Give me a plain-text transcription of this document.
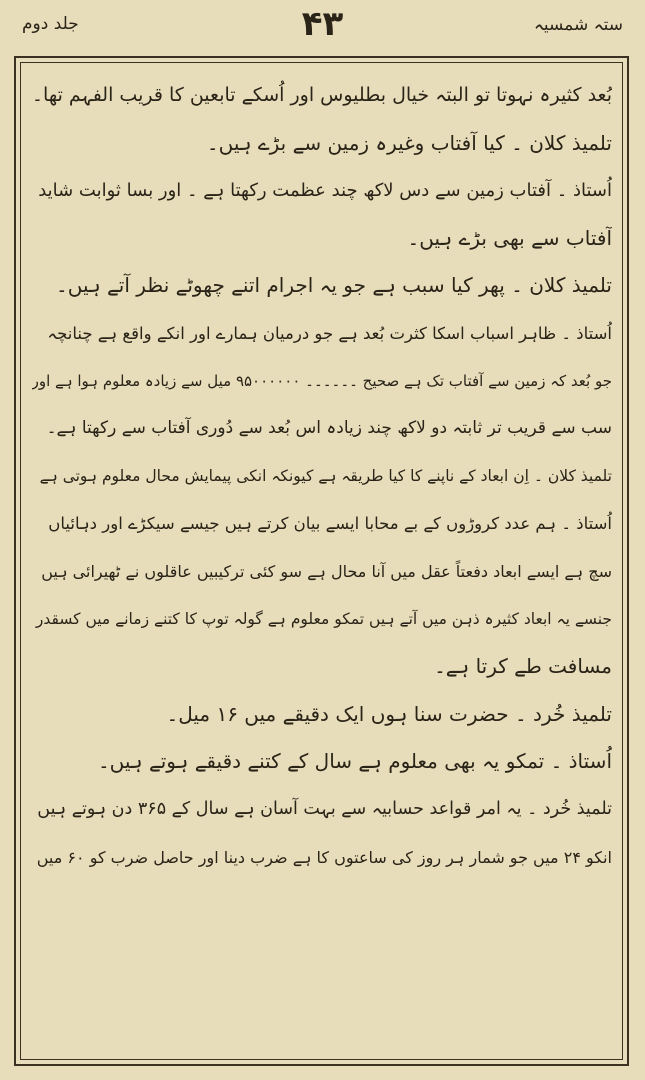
ستہ شمسیہ
۴۳
جلد دوم
بُعد کثیرہ نہوتا تو البتہ خیال بطلیوس اور اُسکے تابعین کا قریب الفہم تھا۔
تلمیذ کلان ۔ کیا آفتاب وغیرہ زمین سے بڑے ہیں۔
اُستاذ ۔ آفتاب زمین سے دس لاکھ چند عظمت رکھتا ہے ۔ اور بسا ثوابت شاید
آفتاب سے بھی بڑے ہیں۔
تلمیذ کلان ۔ پھر کیا سبب ہے جو یہ اجرام اتنے چھوٹے نظر آتے ہیں۔
اُستاذ ۔ ظاہر اسباب اسکا کثرت بُعد ہے جو درمیان ہمارے اور انکے واقع ہے چنانچہ
جو بُعد کہ زمین سے آفتاب تک ہے صحیح ۔۔۔۔۔۔ ۹۵۰۰۰۰۰۰ میل سے زیادہ معلوم ہوا ہے اور
سب سے قریب تر ثابتہ دو لاکھ چند زیادہ اس بُعد سے دُوری آفتاب سے رکھتا ہے۔
تلمیذ کلان ۔ اِن ابعاد کے ناپنے کا کیا طریقہ ہے کیونکہ انکی پیمایش محال معلوم ہوتی ہے
اُستاذ ۔ ہم عدد کروڑوں کے بے محابا ایسے بیان کرتے ہیں جیسے سیکڑے اور دہائیاں
سچ ہے ایسے ابعاد دفعتاً عقل میں آنا محال ہے سو کئی ترکیبیں عاقلوں نے ٹھیرائی ہیں
جنسے یہ ابعاد کثیرہ ذہن میں آتے ہیں تمکو معلوم ہے گولہ توپ کا کتنے زمانے میں کسقدر
مسافت طے کرتا ہے۔
تلمیذ خُرد ۔ حضرت سنا ہوں ایک دقیقے میں ۱۶ میل۔
اُستاذ ۔ تمکو یہ بھی معلوم ہے سال کے کتنے دقیقے ہوتے ہیں۔
تلمیذ خُرد ۔ یہ امر قواعد حسابیہ سے بہت آسان ہے سال کے ۳۶۵ دن ہوتے ہیں
انکو ۲۴ میں جو شمار ہر روز کی ساعتوں کا ہے ضرب دینا اور حاصل ضرب کو ۶۰ میں
